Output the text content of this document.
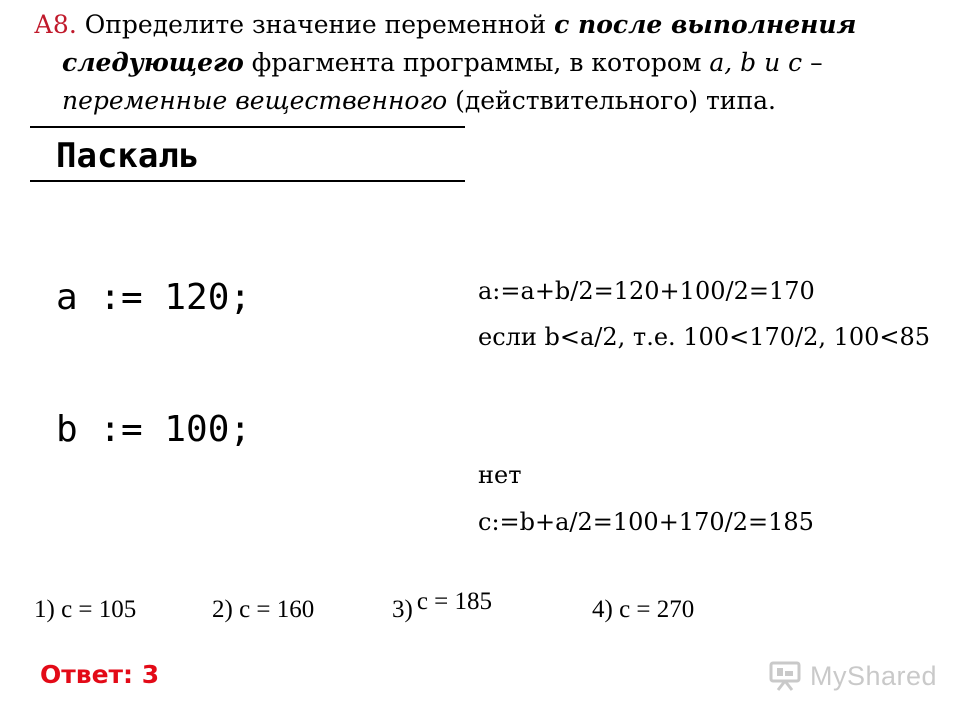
А8. Определите значение переменной с после выполнения следующего фрагмента программы, в котором a, b и c – переменные вещественного (действительного) типа.

Паскаль

a := 120;

b := 100;

a:=a+b/2=120+100/2=170
если b<a/2, т.е. 100<170/2, 100<85
нет
с:=b+a/2=100+170/2=185
1) c = 105	2) c = 160	3) c = 185	4) c = 270
Ответ: 3	MyShared
